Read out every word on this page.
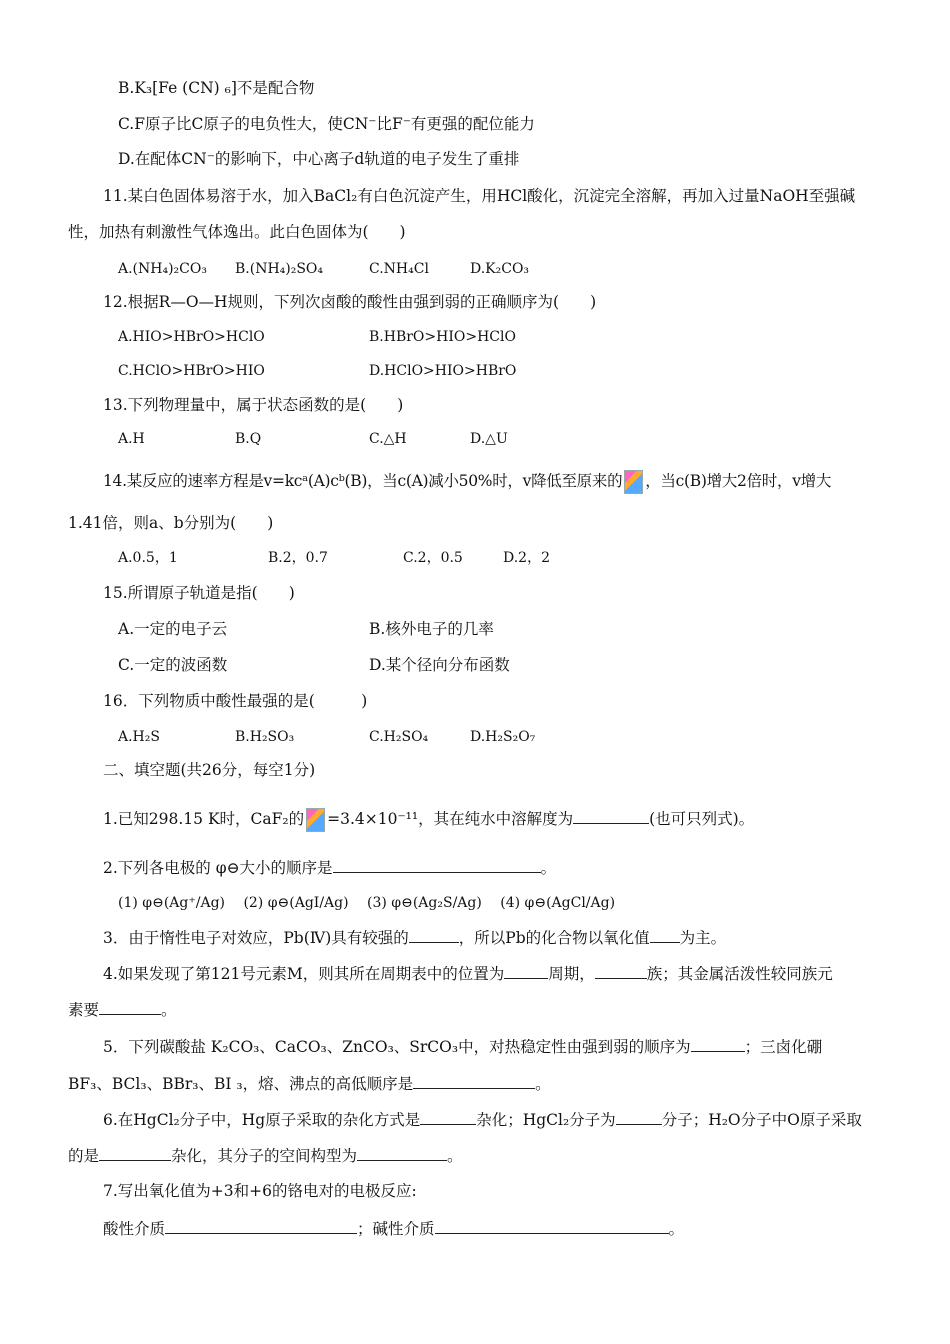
B.K₃[Fe (CN) ₆]不是配合物
C.F原子比C原子的电负性大，使CN⁻比F⁻有更强的配位能力
D.在配体CN⁻的影响下，中心离子d轨道的电子发生了重排
11.某白色固体易溶于水，加入BaCl₂有白色沉淀产生，用HCl酸化，沉淀完全溶解，再加入过量NaOH至强碱
性，加热有刺激性气体逸出。此白色固体为(　　)
A.(NH₄)₂CO₃ B.(NH₄)₂SO₄	C.NH₄Cl	D.K₂CO₃
12.根据R—O—H规则，下列次卤酸的酸性由强到弱的正确顺序为(　　)
A.HIO>HBrO>HClO	B.HBrO>HIO>HClO
C.HClO>HBrO>HIO	D.HClO>HIO>HBrO
13.下列物理量中，属于状态函数的是(　　)
A.H	B.Q	C.△H	D.△U
14.某反应的速率方程是v=kcᵃ(A)cᵇ(B)，当c(A)减小50%时，v降低至原来的 ，当c(B)增大2倍时，v增大
1.41倍，则a、b分别为(　　)
A.0.5，1	B.2，0.7	C.2，0.5	D.2，2
15.所谓原子轨道是指(　　)
A.一定的电子云	B.核外电子的几率
C.一定的波函数	D.某个径向分布函数
16．下列物质中酸性最强的是(　　　)
A.H₂S	B.H₂SO₃	C.H₂SO₄	D.H₂S₂O₇
二、填空题(共26分，每空1分)
1.已知298.15 K时，CaF₂的 =3.4×10⁻¹¹，其在纯水中溶解度为	(也可只列式)。
2.下列各电极的 φ⊖大小的顺序是	。
(1) φ⊖(Ag⁺/Ag)　 (2) φ⊖(AgI/Ag)　 (3) φ⊖(Ag₂S/Ag)　 (4) φ⊖(AgCl/Ag)
3．由于惰性电子对效应，Pb(Ⅳ)具有较强的	，所以Pb的化合物以氧化值 为主。
4.如果发现了第121号元素M，则其所在周期表中的位置为	周期，	族；其金属活泼性较同族元
素要	。
5．下列碳酸盐 K₂CO₃、CaCO₃、ZnCO₃、SrCO₃中，对热稳定性由强到弱的顺序为	；三卤化硼
BF₃、BCl₃、BBr₃、BI ₃，熔、沸点的高低顺序是	。
6.在HgCl₂分子中，Hg原子采取的杂化方式是	杂化；HgCl₂分子为	分子；H₂O分子中O原子采取
的是	杂化，其分子的空间构型为	。
7.写出氧化值为+3和+6的铬电对的电极反应:
酸性介质	；碱性介质	。
